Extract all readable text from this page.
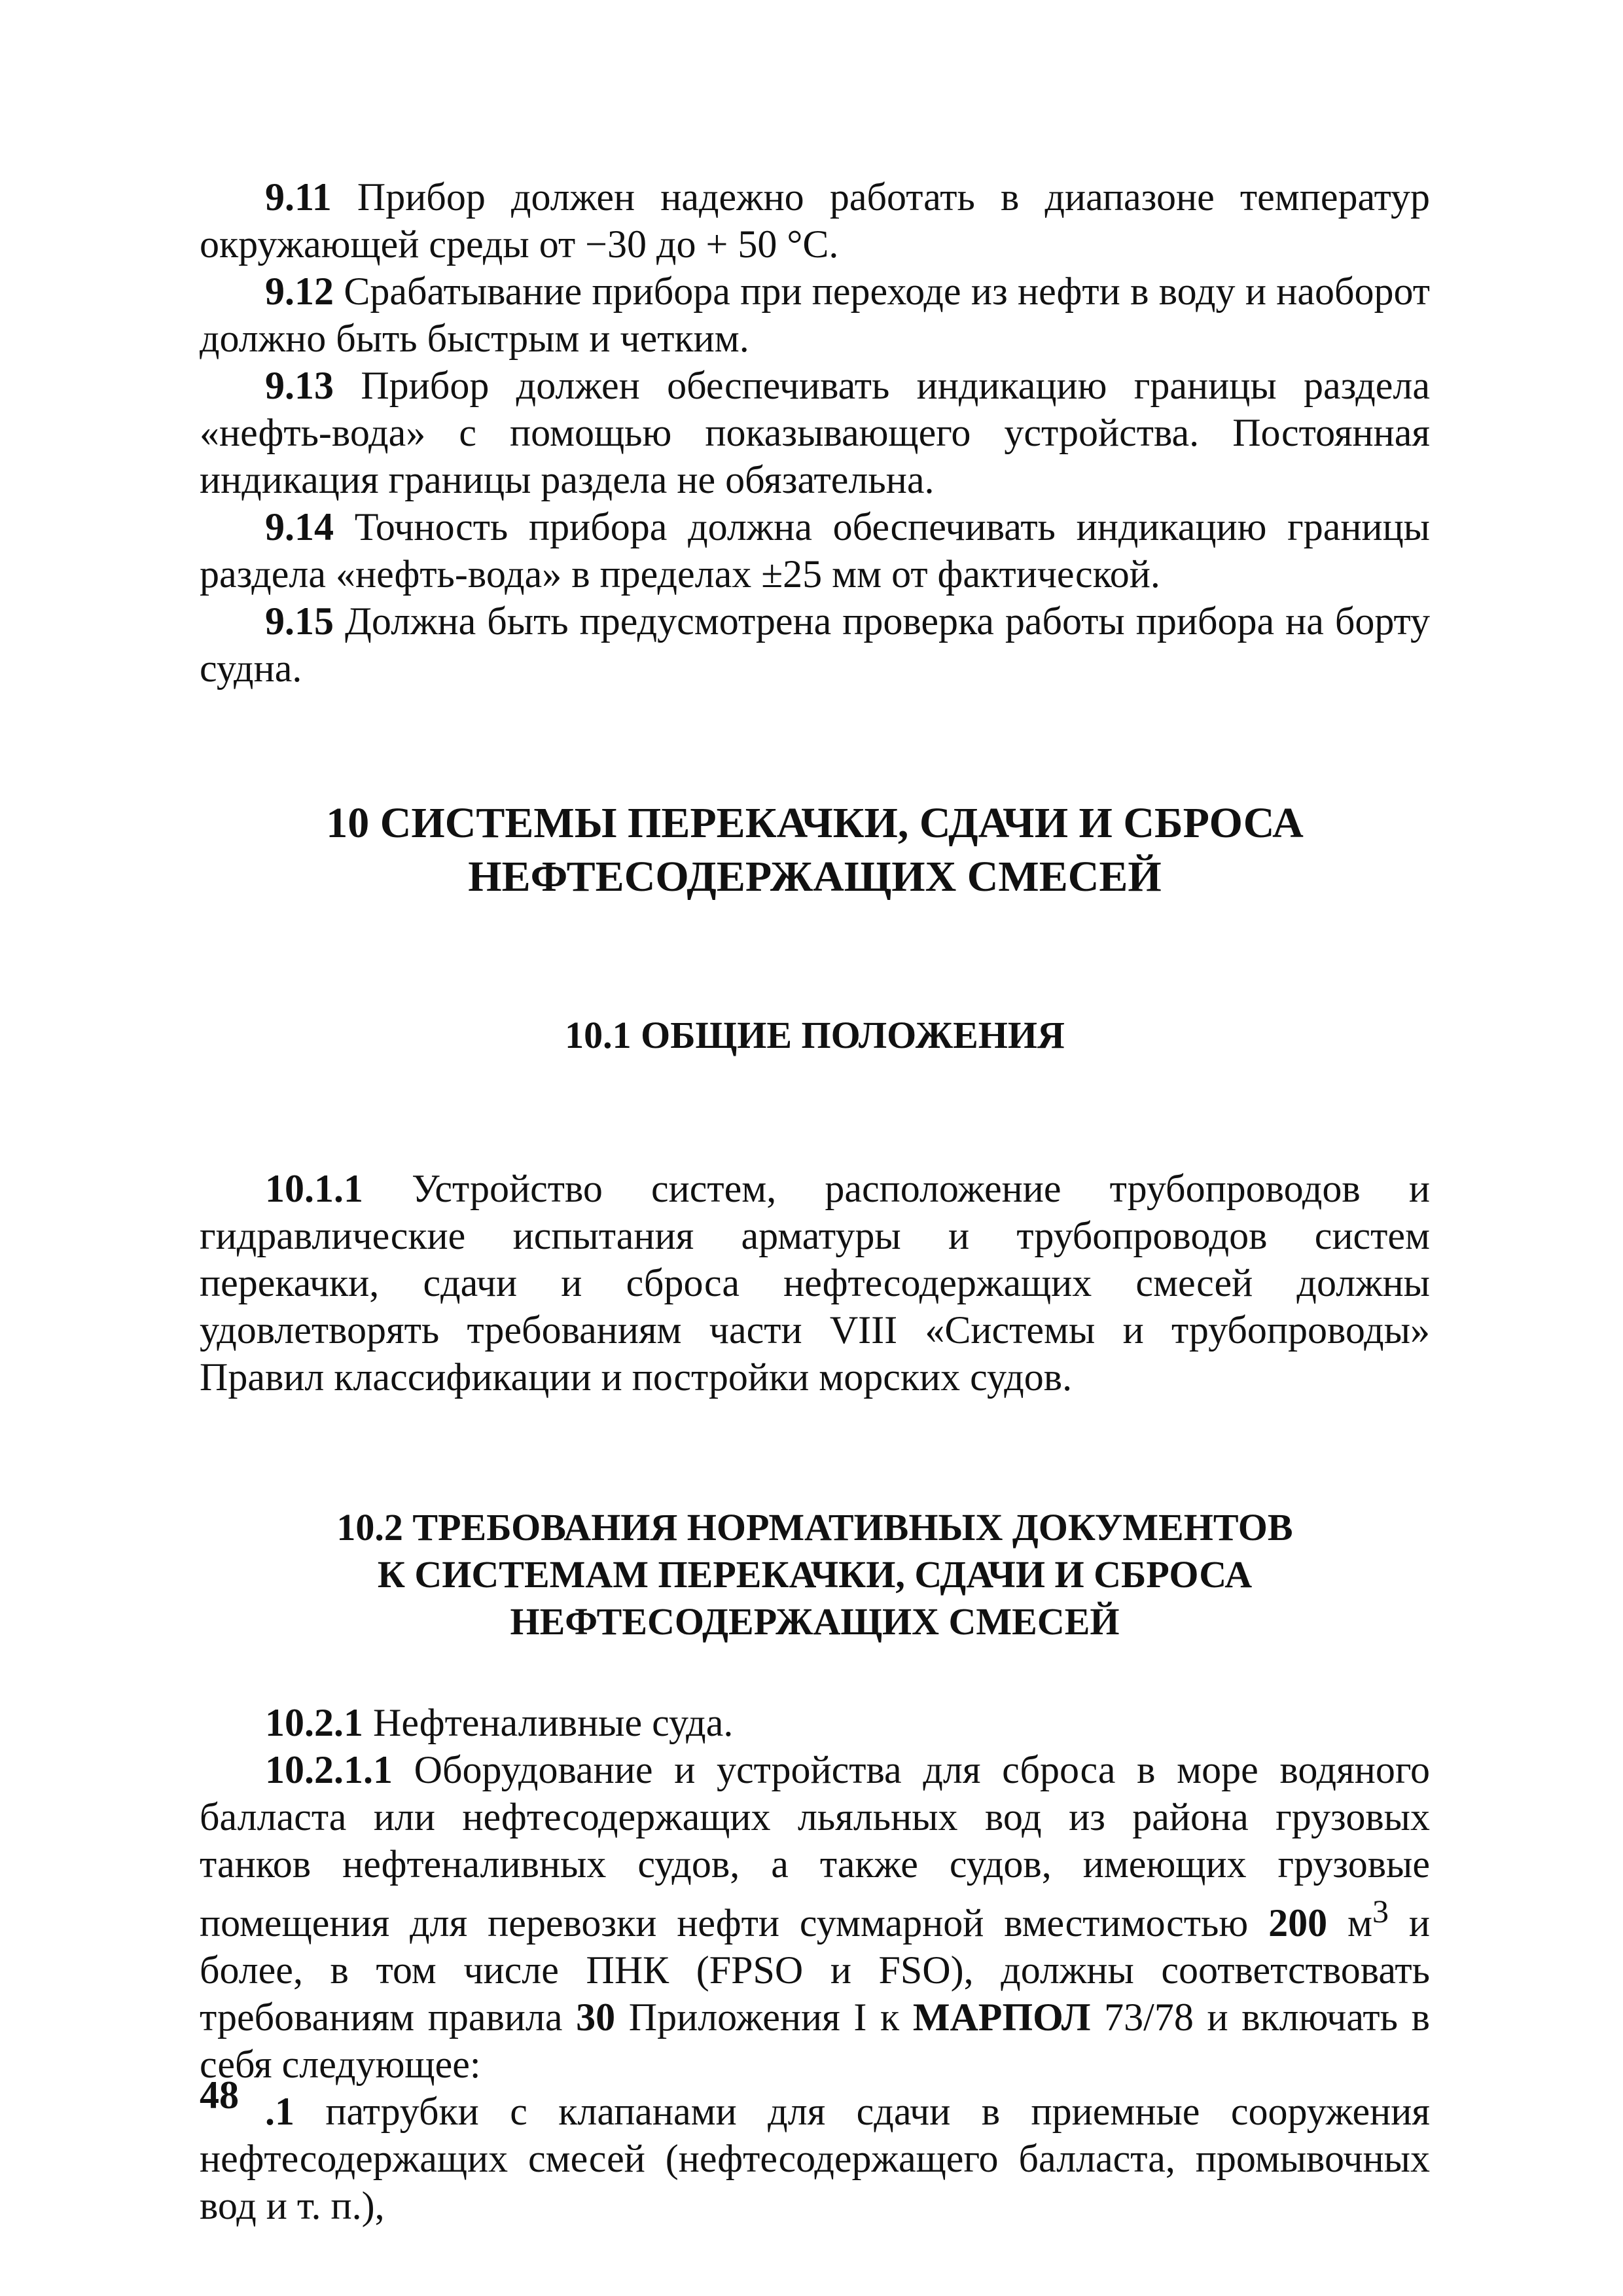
9.11 Прибор должен надежно работать в диапазоне температур окружающей среды от −30 до + 50 °С.

9.12 Срабатывание прибора при переходе из нефти в воду и наоборот должно быть быстрым и четким.

9.13 Прибор должен обеспечивать индикацию границы раздела «нефть-вода» с помощью показывающего устройства. Постоянная индикация границы раздела не обязательна.

9.14 Точность прибора должна обеспечивать индикацию границы раздела «нефть-вода» в пределах ±25 мм от фактической.

9.15 Должна быть предусмотрена проверка работы прибора на борту судна.

10 СИСТЕМЫ ПЕРЕКАЧКИ, СДАЧИ И СБРОСА
НЕФТЕСОДЕРЖАЩИХ СМЕСЕЙ
10.1 ОБЩИЕ ПОЛОЖЕНИЯ

10.1.1 Устройство систем, расположение трубопроводов и гидравлические испытания арматуры и трубопроводов систем перекачки, сдачи и сброса нефтесодержащих смесей должны удовлетворять требованиям части VIII «Системы и трубопроводы» Правил классификации и постройки морских судов.

10.2 ТРЕБОВАНИЯ НОРМАТИВНЫХ ДОКУМЕНТОВ
К СИСТЕМАМ ПЕРЕКАЧКИ, СДАЧИ И СБРОСА
НЕФТЕСОДЕРЖАЩИХ СМЕСЕЙ

10.2.1 Нефтеналивные суда.

10.2.1.1 Оборудование и устройства для сброса в море водяного балласта или нефтесодержащих льяльных вод из района грузовых танков нефтеналивных судов, а также судов, имеющих грузовые помещения для перевозки нефти суммарной вместимостью 200 $м^3$ и более, в том числе ПНК (FPSO и FSO), должны соответствовать требованиям правила 30 Приложения I к МАРПОЛ 73/78 и включать в себя следующее:

.1 патрубки с клапанами для сдачи в приемные сооружения нефтесодержащих смесей (нефтесодержащего балласта, промывочных вод и т. п.),

48
